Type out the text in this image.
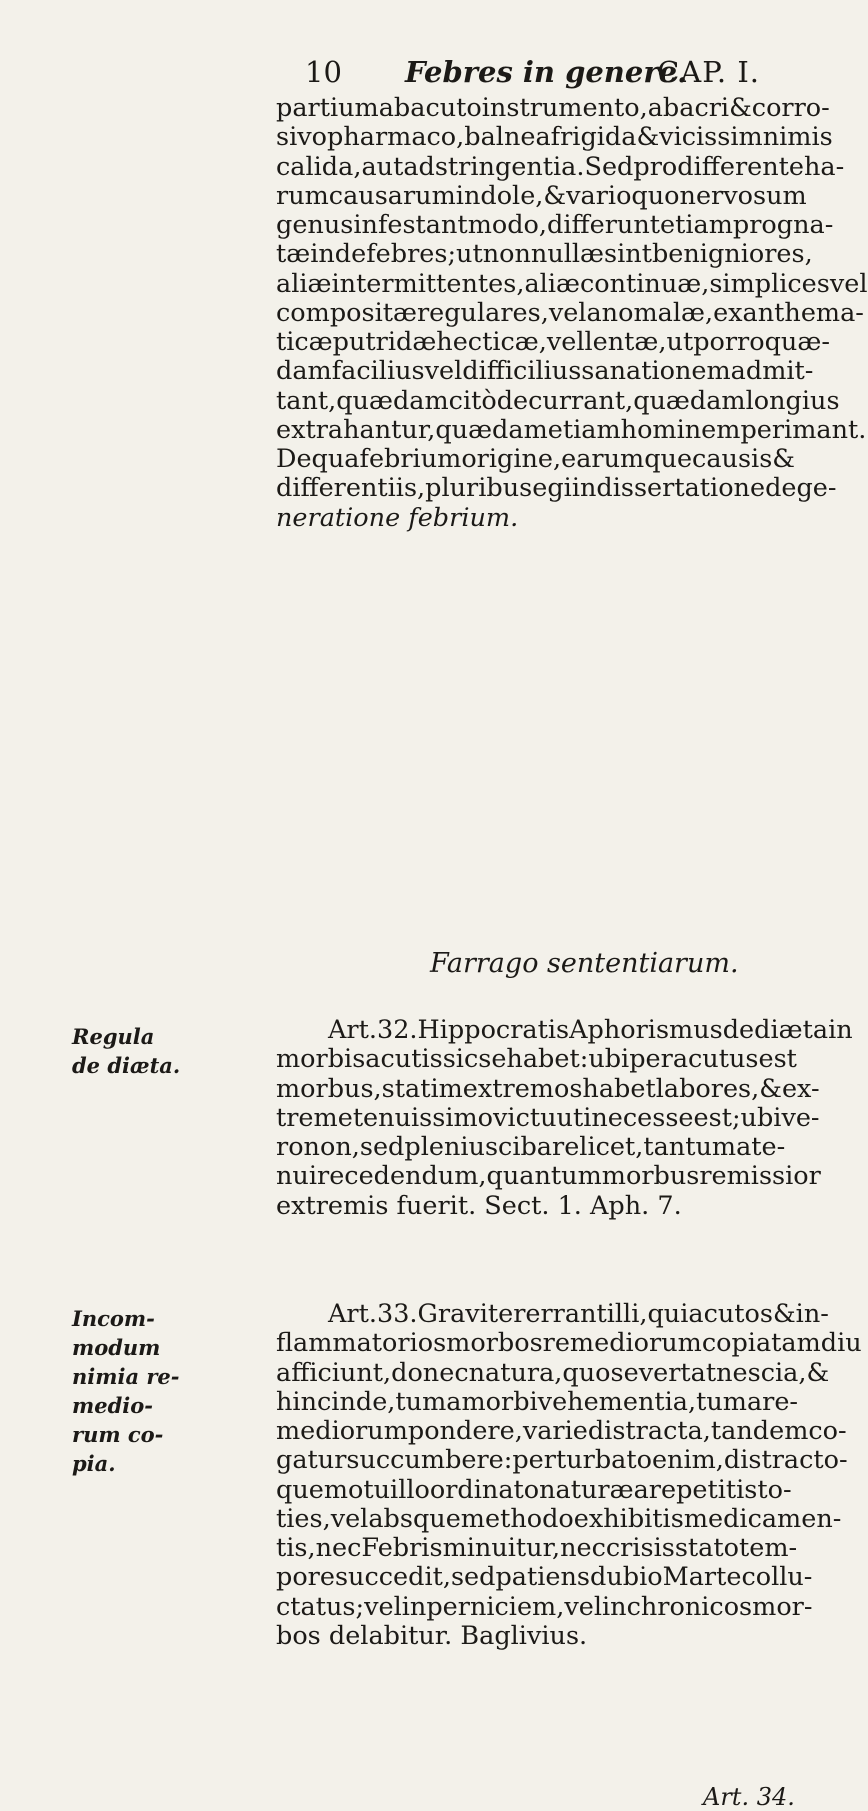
10 Febres in genere.
CAP. I.
partium ab acuto instrumento, ab acri & corro-
sivo pharmaco, balnea frigida & vicissim nimis
calida, aut adstringentia. Sed pro differente ha-
rum causarum indole, & vario quo nervosum
genus infestant modo, differunt etiam progna-
tæ inde febres; ut nonnullæ sint benigniores,
aliæ intermittentes, aliæ continuæ, simplices vel
compositæ regulares, vel anomalæ, exanthema-
ticæ putridæ hecticæ, vel lentæ, ut porro quæ-
dam facilius vel difficilius sanationem admit-
tant, quædam citò decurrant, quædam longius
extrahantur, quædam etiam hominem perimant.
De qua febrium origine, earumque causis &
differentiis, pluribus egi in dissertatione de ge-
neratione febrium.
Farrago sententiarum.
Regula
de diæta.
Art. 32. Hippocratis Aphorismus de diæta in
morbis acutis sic se habet: ubi peracutus est
morbus, statim extremos habet labores, & ex-
treme tenuissimo victu uti necesse est; ubi ve-
ro non, sed plenius cibare licet, tantum a te-
nui recedendum, quantum morbus remissior
extremis fuerit. Sect. 1. Aph. 7.
Incom-
modum
nimia re-
medio-
rum co-
pia.
Art. 33. Graviter errant illi, qui acutos & in-
flammatorios morbos remediorum copia tamdiu
afficiunt, donec natura, quo se vertat nescia, &
hinc inde, tum a morbi vehementia, tum a re-
mediorum pondere, varie distracta, tandem co-
gatur succumbere: perturbato enim, distracto-
que motu illo ordinato naturæ a repetitis to-
ties, vel absque methodo exhibitis medicamen-
tis, nec Febris minuitur, nec crisis stato tem-
pore succedit, sed patiens dubio Marte collu-
ctatus; vel in perniciem, vel in chronicos mor-
bos delabitur. Baglivius.
Art. 34.
